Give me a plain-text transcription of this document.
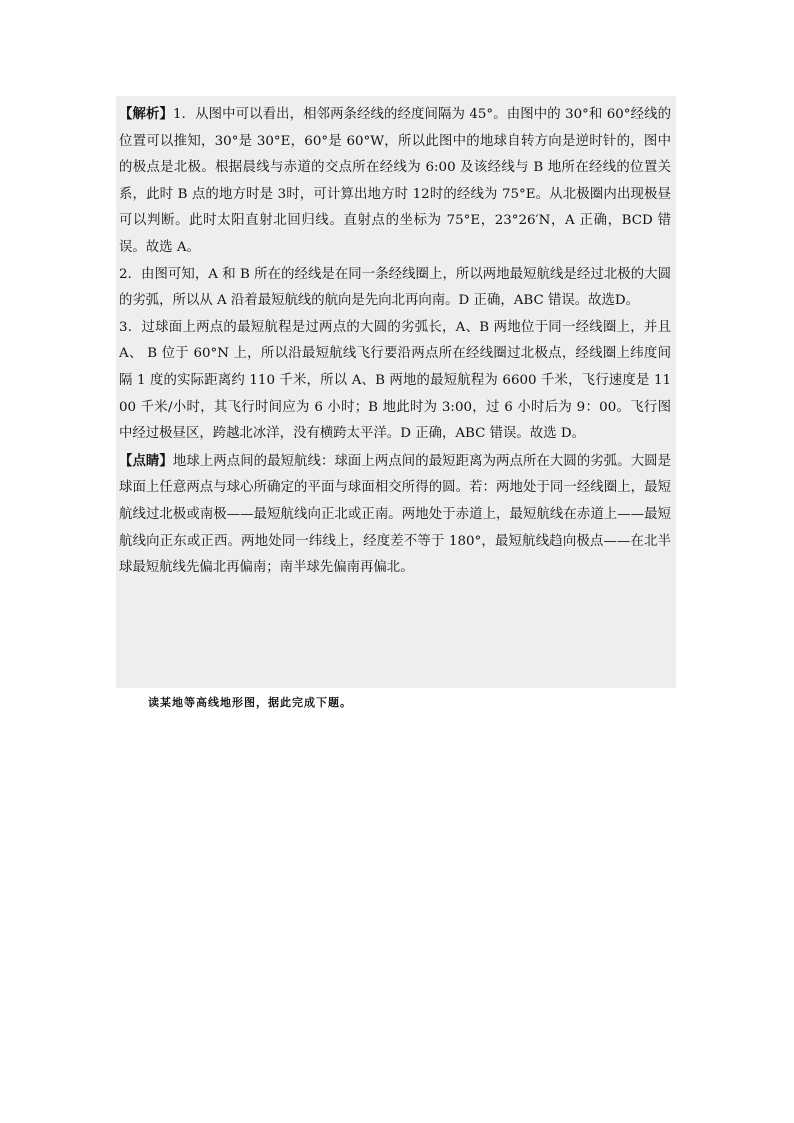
【解析】1．从图中可以看出，相邻两条经线的经度间隔为 45°。由图中的 30°和 60°经线的位置可以推知，30°是 30°E，60°是 60°W，所以此图中的地球自转方向是逆时针的，图中的极点是北极。根据晨线与赤道的交点所在经线为 6:00 及该经线与 B 地所在经线的位置关系，此时 B 点的地方时是 3时，可计算出地方时 12时的经线为 75°E。从北极圈内出现极昼可以判断。此时太阳直射北回归线。直射点的坐标为 75°E，23°26′N，A 正确，BCD 错误。故选 A。

2．由图可知，A 和 B 所在的经线是在同一条经线圈上，所以两地最短航线是经过北极的大圆的劣弧，所以从 A 沿着最短航线的航向是先向北再向南。D 正确，ABC 错误。故选D。

3．过球面上两点的最短航程是过两点的大圆的劣弧长，A、B 两地位于同一经线圈上，并且 A、 B 位于 60°N 上，所以沿最短航线飞行要沿两点所在经线圈过北极点，经线圈上纬度间隔 1 度的实际距离约 110 千米，所以 A、B 两地的最短航程为 6600 千米，飞行速度是 1100 千米/小时，其飞行时间应为 6 小时；B 地此时为 3:00，过 6 小时后为 9：00。飞行图中经过极昼区，跨越北冰洋，没有横跨太平洋。D 正确，ABC 错误。故选 D。

【点睛】地球上两点间的最短航线：球面上两点间的最短距离为两点所在大圆的劣弧。大圆是球面上任意两点与球心所确定的平面与球面相交所得的圆。若：两地处于同一经线圈上，最短航线过北极或南极——最短航线向正北或正南。两地处于赤道上，最短航线在赤道上——最短航线向正东或正西。两地处同一纬线上，经度差不等于 180°，最短航线趋向极点——在北半球最短航线先偏北再偏南；南半球先偏南再偏北。

读某地等高线地形图，据此完成下题。
